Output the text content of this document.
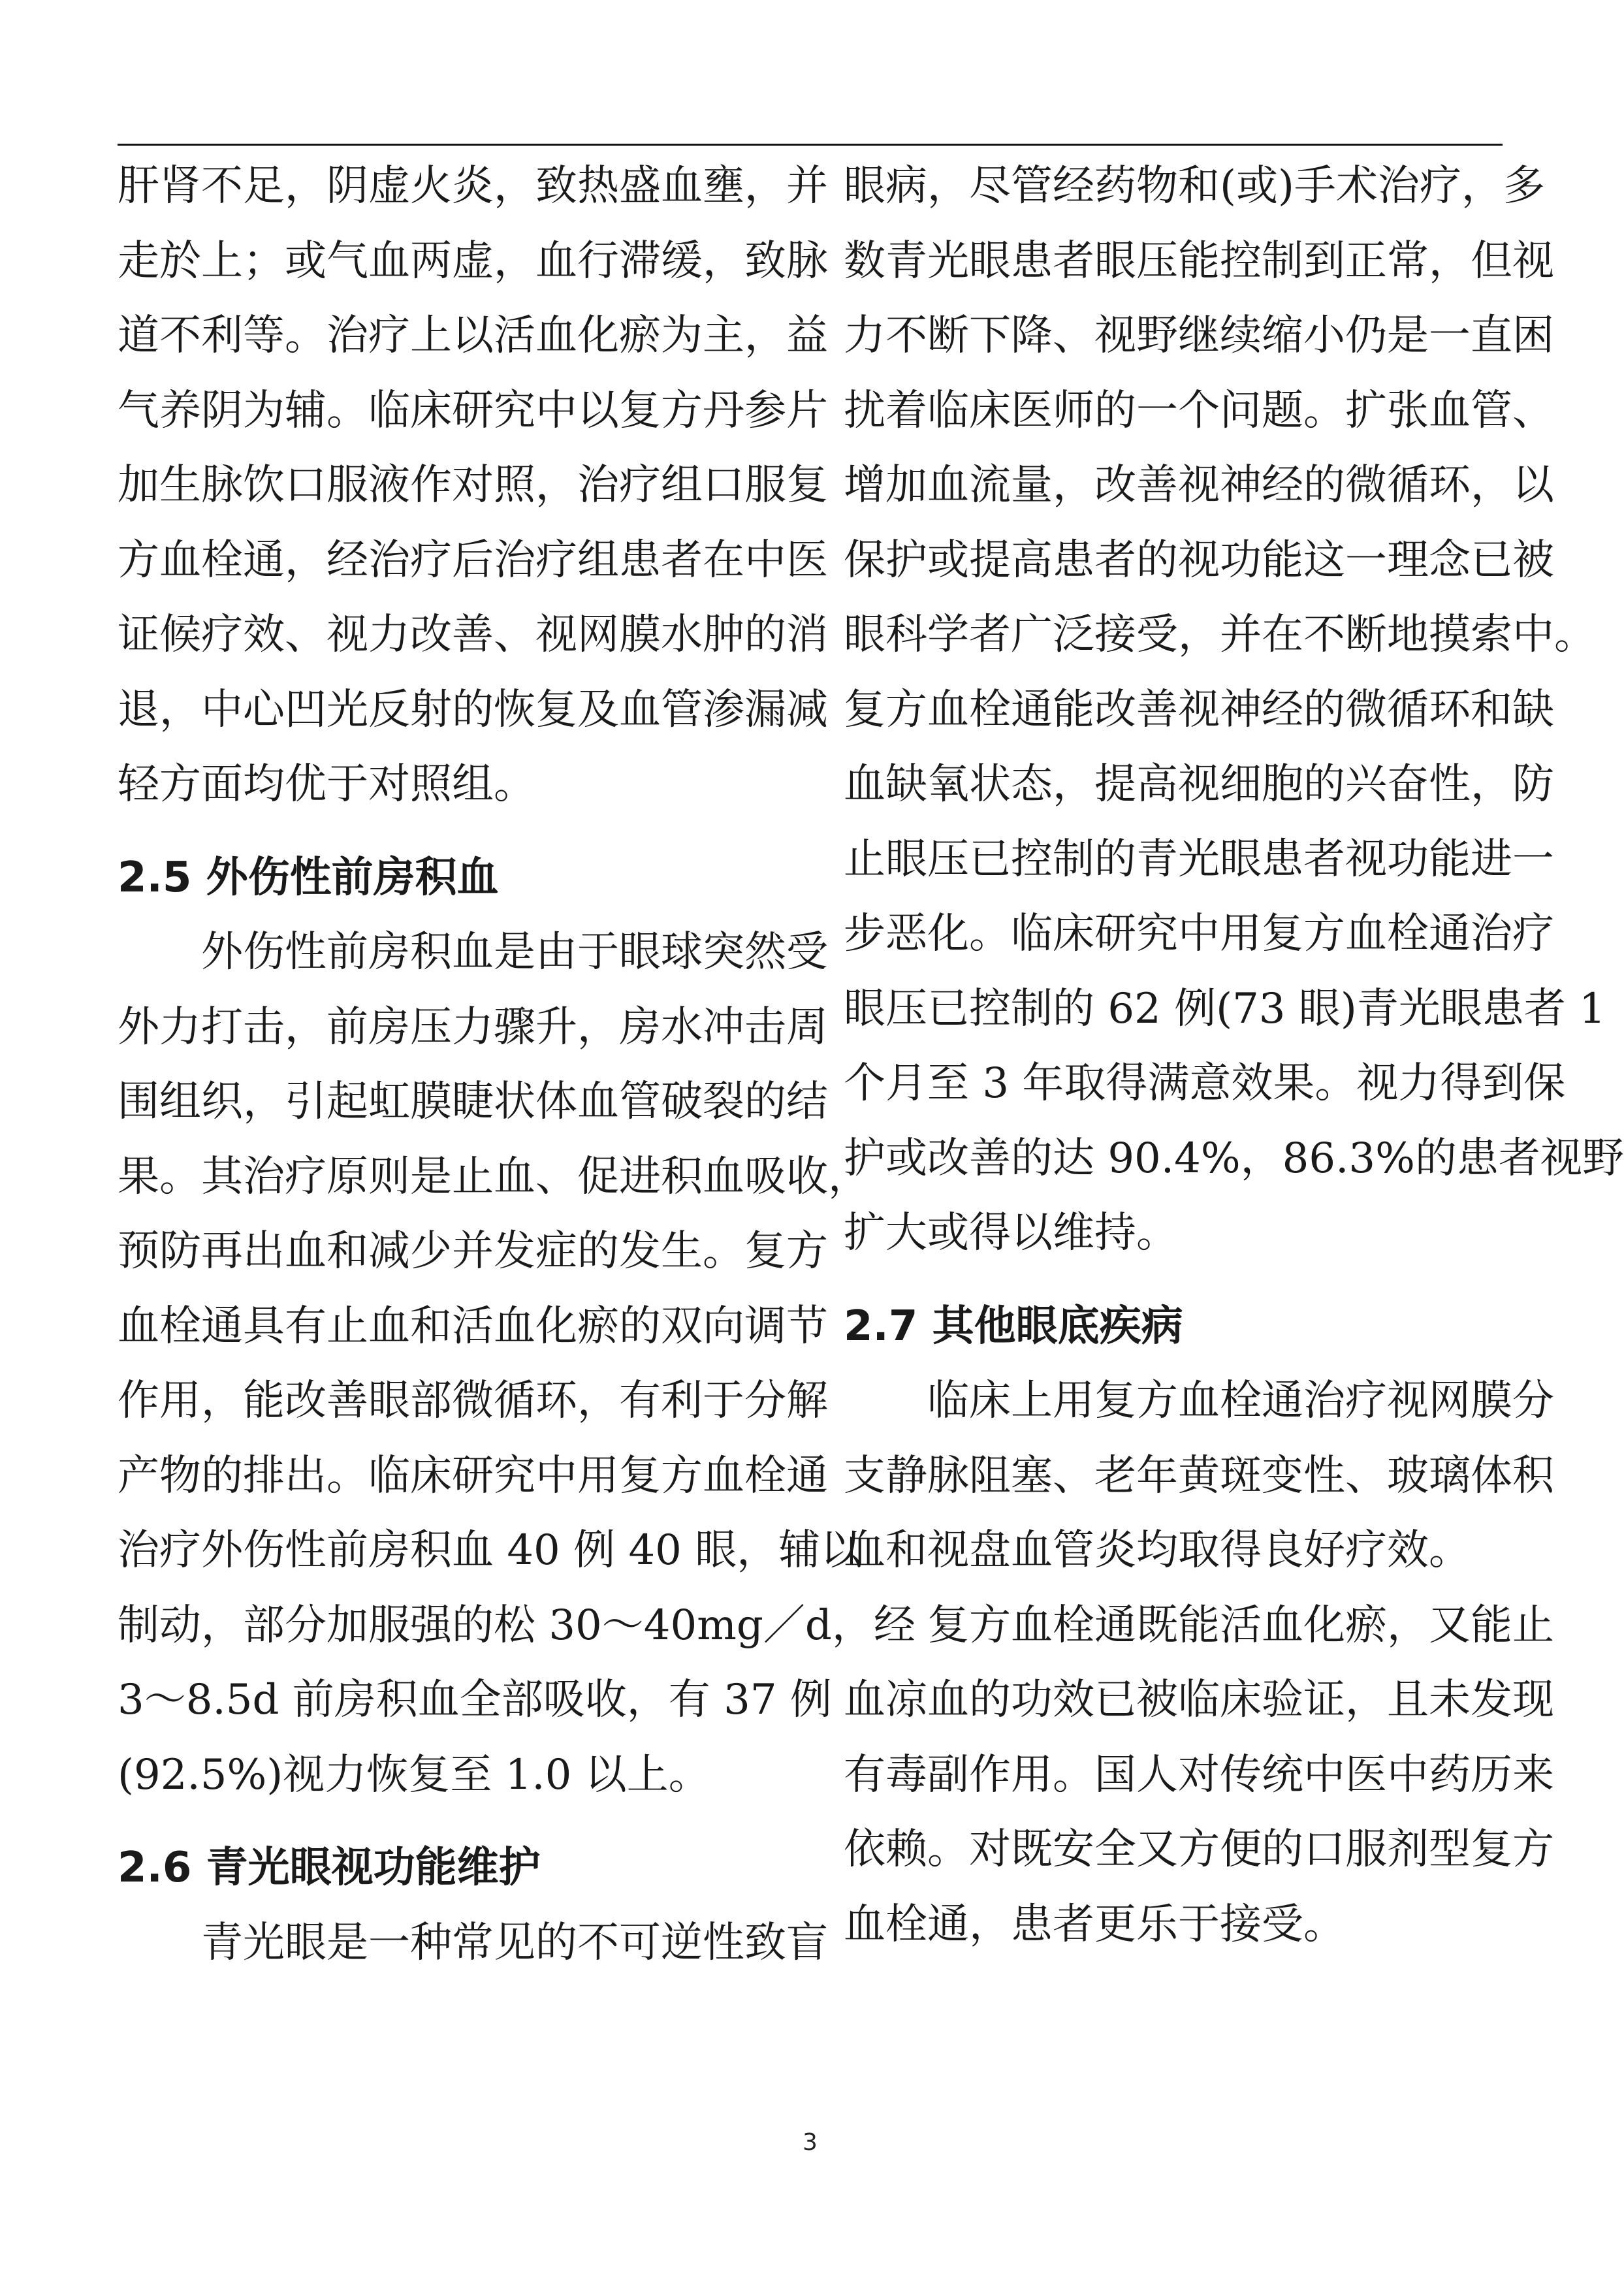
肝肾不足，阴虚火炎，致热盛血壅，并
走於上；或气血两虚，血行滞缓，致脉
道不利等。治疗上以活血化瘀为主，益
气养阴为辅。临床研究中以复方丹参片
加生脉饮口服液作对照，治疗组口服复
方血栓通，经治疗后治疗组患者在中医
证候疗效、视力改善、视网膜水肿的消
退，中心凹光反射的恢复及血管渗漏减
轻方面均优于对照组。
2.5 外伤性前房积血
外伤性前房积血是由于眼球突然受
外力打击，前房压力骤升，房水冲击周
围组织，引起虹膜睫状体血管破裂的结
果。其治疗原则是止血、促进积血吸收，
预防再出血和减少并发症的发生。复方
血栓通具有止血和活血化瘀的双向调节
作用，能改善眼部微循环，有利于分解
产物的排出。临床研究中用复方血栓通
治疗外伤性前房积血 40 例 40 眼，辅以
制动，部分加服强的松 30～40mg／d，经
3～8.5d 前房积血全部吸收，有 37 例
(92.5%)视力恢复至 1.0 以上。
2.6 青光眼视功能维护
青光眼是一种常见的不可逆性致盲
眼病，尽管经药物和(或)手术治疗，多
数青光眼患者眼压能控制到正常，但视
力不断下降、视野继续缩小仍是一直困
扰着临床医师的一个问题。扩张血管、
增加血流量，改善视神经的微循环，以
保护或提高患者的视功能这一理念已被
眼科学者广泛接受，并在不断地摸索中。
复方血栓通能改善视神经的微循环和缺
血缺氧状态，提高视细胞的兴奋性，防
止眼压已控制的青光眼患者视功能进一
步恶化。临床研究中用复方血栓通治疗
眼压已控制的 62 例(73 眼)青光眼患者 1
个月至 3 年取得满意效果。视力得到保
护或改善的达 90.4%，86.3%的患者视野
扩大或得以维持。
2.7 其他眼底疾病
临床上用复方血栓通治疗视网膜分
支静脉阻塞、老年黄斑变性、玻璃体积
血和视盘血管炎均取得良好疗效。
复方血栓通既能活血化瘀，又能止
血凉血的功效已被临床验证，且未发现
有毒副作用。国人对传统中医中药历来
依赖。对既安全又方便的口服剂型复方
血栓通，患者更乐于接受。
3
